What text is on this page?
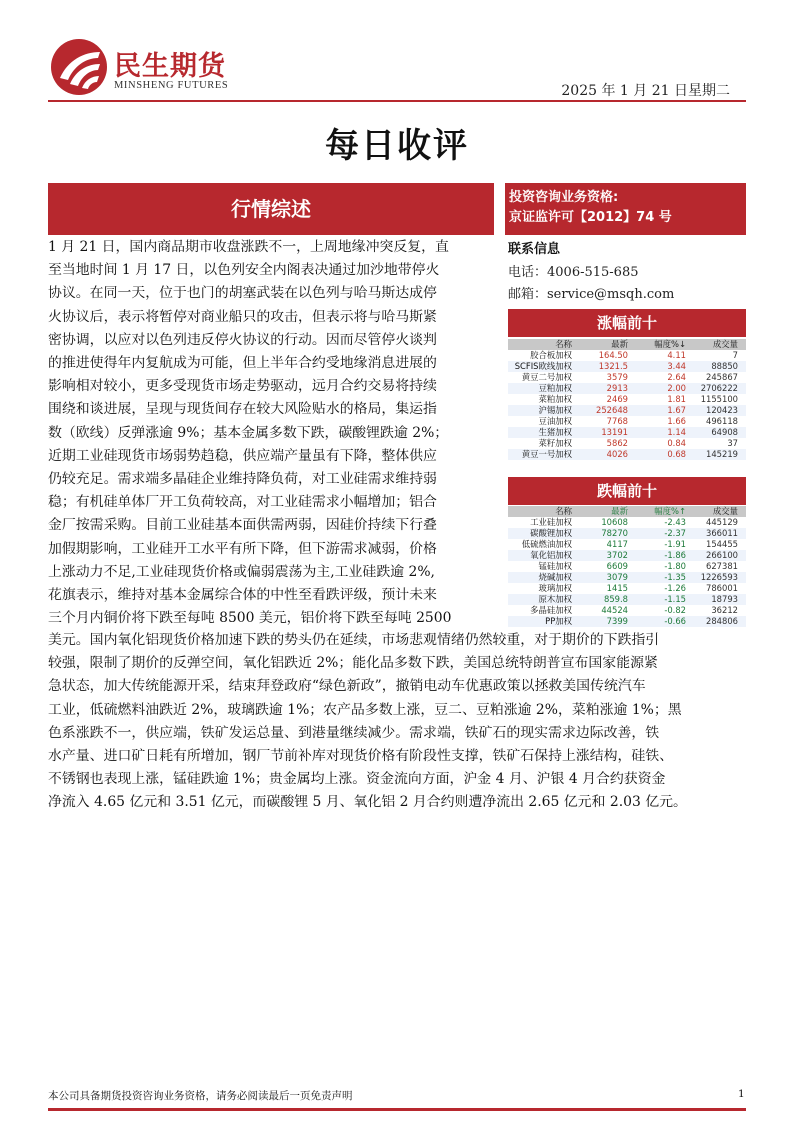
民生期货
MINSHENG FUTURES	2025 年 1 月 21 日星期二
每日收评
行情综述
1 月 21 日，国内商品期市收盘涨跌不一，上周地缘冲突反复，直
至当地时间 1 月 17 日，以色列安全内阁表决通过加沙地带停火
协议。在同一天，位于也门的胡塞武装在以色列与哈马斯达成停
火协议后，表示将暂停对商业船只的攻击，但表示将与哈马斯紧
密协调，以应对以色列违反停火协议的行动。因而尽管停火谈判
的推进使得年内复航成为可能，但上半年合约受地缘消息进展的
影响相对较小，更多受现货市场走势驱动，远月合约交易将持续
围绕和谈进展，呈现与现货间存在较大风险贴水的格局，集运指
数（欧线）反弹涨逾 9%；基本金属多数下跌，碳酸锂跌逾 2%；
近期工业硅现货市场弱势趋稳，供应端产量虽有下降，整体供应
仍较充足。需求端多晶硅企业维持降负荷，对工业硅需求维持弱
稳；有机硅单体厂开工负荷较高，对工业硅需求小幅增加；铝合
金厂按需采购。目前工业硅基本面供需两弱，因硅价持续下行叠
加假期影响，工业硅开工水平有所下降，但下游需求减弱，价格
上涨动力不足,工业硅现货价格或偏弱震荡为主,工业硅跌逾 2%,
花旗表示，维持对基本金属综合体的中性至看跌评级，预计未来
三个月内铜价将下跌至每吨 8500 美元，铝价将下跌至每吨 2500
美元。国内氧化铝现货价格加速下跌的势头仍在延续，市场悲观情绪仍然较重，对于期价的下跌指引
较强，限制了期价的反弹空间，氧化铝跌近 2%；能化品多数下跌，美国总统特朗普宣布国家能源紧
急状态，加大传统能源开采，结束拜登政府“绿色新政”，撤销电动车优惠政策以拯救美国传统汽车
工业，低硫燃料油跌近 2%，玻璃跌逾 1%；农产品多数上涨，豆二、豆粕涨逾 2%，菜粕涨逾 1%；黑
色系涨跌不一，供应端，铁矿发运总量、到港量继续减少。需求端，铁矿石的现实需求边际改善，铁
水产量、进口矿日耗有所增加，钢厂节前补库对现货价格有阶段性支撑，铁矿石保持上涨结构，硅铁、
不锈钢也表现上涨，锰硅跌逾 1%；贵金属均上涨。资金流向方面，沪金 4 月、沪银 4 月合约获资金
净流入 4.65 亿元和 3.51 亿元，而碳酸锂 5 月、氧化铝 2 月合约则遭净流出 2.65 亿元和 2.03 亿元。
投资咨询业务资格:
京证监许可【2012】74 号
联系信息
电话：4006-515-685
邮箱：service@msqh.com
涨幅前十
名称	最新	幅度%↓	成交量
胶合板加权	164.50	4.11	7
SCFIS欧线加权	1321.5	3.44	88850
黄豆二号加权	3579	2.64	245867
豆粕加权	2913	2.00	2706222
菜粕加权	2469	1.81	1155100
沪锡加权	252648	1.67	120423
豆油加权	7768	1.66	496118
生猪加权	13191	1.14	64908
菜籽加权	5862	0.84	37
黄豆一号加权	4026	0.68	145219
跌幅前十
名称	最新	幅度%↑	成交量
工业硅加权	10608	-2.43	445129
碳酸锂加权	78270	-2.37	366011
低硫燃油加权	4117	-1.91	154455
氧化铝加权	3702	-1.86	266100
锰硅加权	6609	-1.80	627381
烧碱加权	3079	-1.35	1226593
玻璃加权	1415	-1.26	786001
原木加权	859.8	-1.15	18793
多晶硅加权	44524	-0.82	36212
PP加权	7399	-0.66	284806
本公司具备期货投资咨询业务资格，请务必阅读最后一页免责声明	1
